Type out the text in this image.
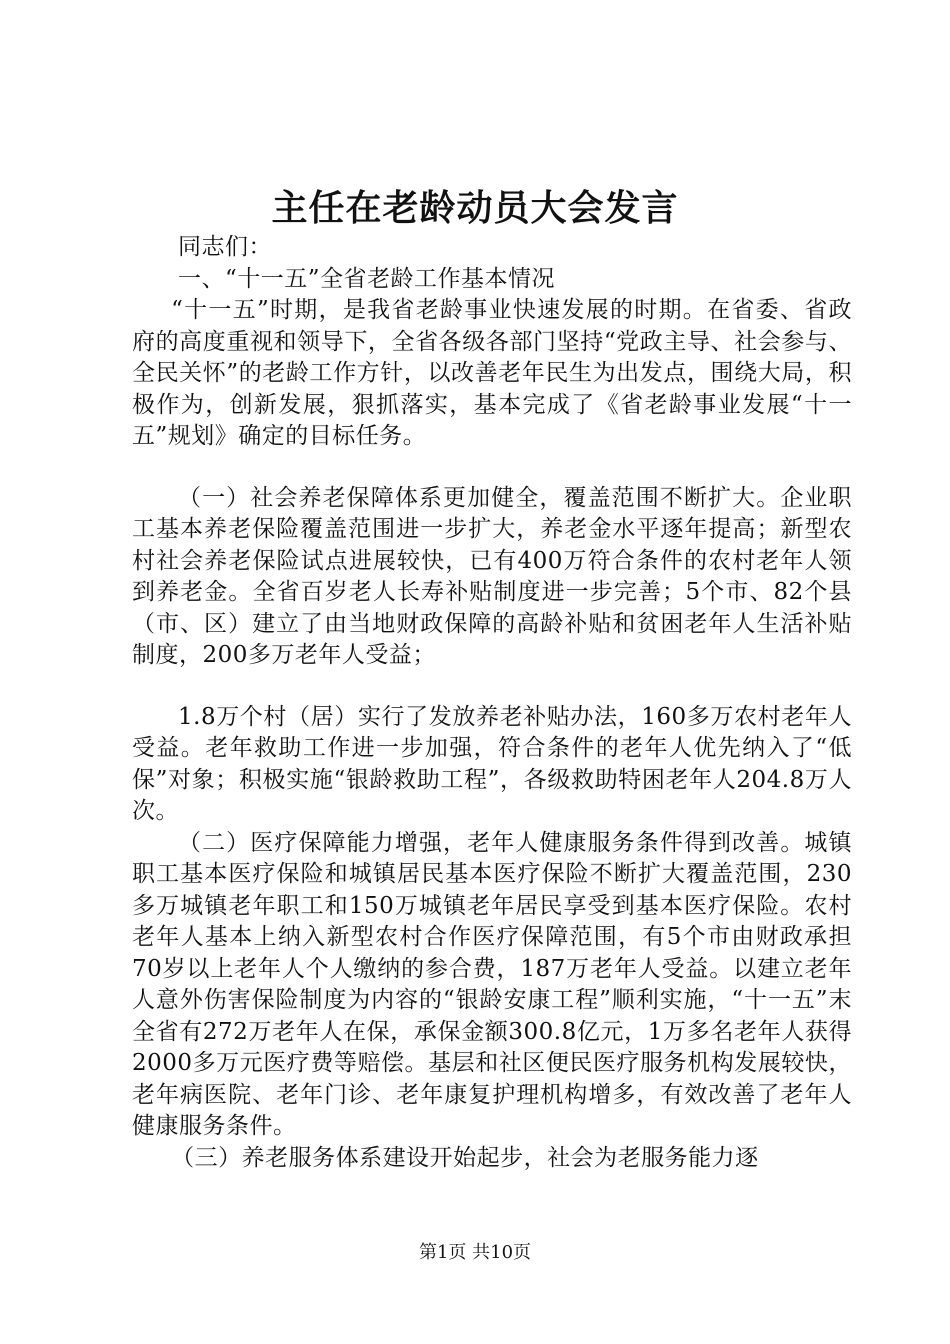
主任在老龄动员大会发言

同志们：

一、“十一五”全省老龄工作基本情况

“十一五”时期，是我省老龄事业快速发展的时期。在省委、省政府的高度重视和领导下，全省各级各部门坚持“党政主导、社会参与、全民关怀”的老龄工作方针，以改善老年民生为出发点，围绕大局，积极作为，创新发展，狠抓落实，基本完成了《省老龄事业发展“十一五”规划》确定的目标任务。

（一）社会养老保障体系更加健全，覆盖范围不断扩大。企业职工基本养老保险覆盖范围进一步扩大，养老金水平逐年提高；新型农村社会养老保险试点进展较快，已有400万符合条件的农村老年人领到养老金。全省百岁老人长寿补贴制度进一步完善；5个市、82个县（市、区）建立了由当地财政保障的高龄补贴和贫困老年人生活补贴制度，200多万老年人受益；

1.8万个村（居）实行了发放养老补贴办法，160多万农村老年人受益。老年救助工作进一步加强，符合条件的老年人优先纳入了“低保”对象；积极实施“银龄救助工程”，各级救助特困老年人204.8万人次。

（二）医疗保障能力增强，老年人健康服务条件得到改善。城镇职工基本医疗保险和城镇居民基本医疗保险不断扩大覆盖范围，230多万城镇老年职工和150万城镇老年居民享受到基本医疗保险。农村老年人基本上纳入新型农村合作医疗保障范围，有5个市由财政承担70岁以上老年人个人缴纳的参合费，187万老年人受益。以建立老年人意外伤害保险制度为内容的“银龄安康工程”顺利实施，“十一五”末全省有272万老年人在保，承保金额300.8亿元，1万多名老年人获得2000多万元医疗费等赔偿。基层和社区便民医疗服务机构发展较快，老年病医院、老年门诊、老年康复护理机构增多，有效改善了老年人健康服务条件。

（三）养老服务体系建设开始起步，社会为老服务能力逐

第1页 共10页
